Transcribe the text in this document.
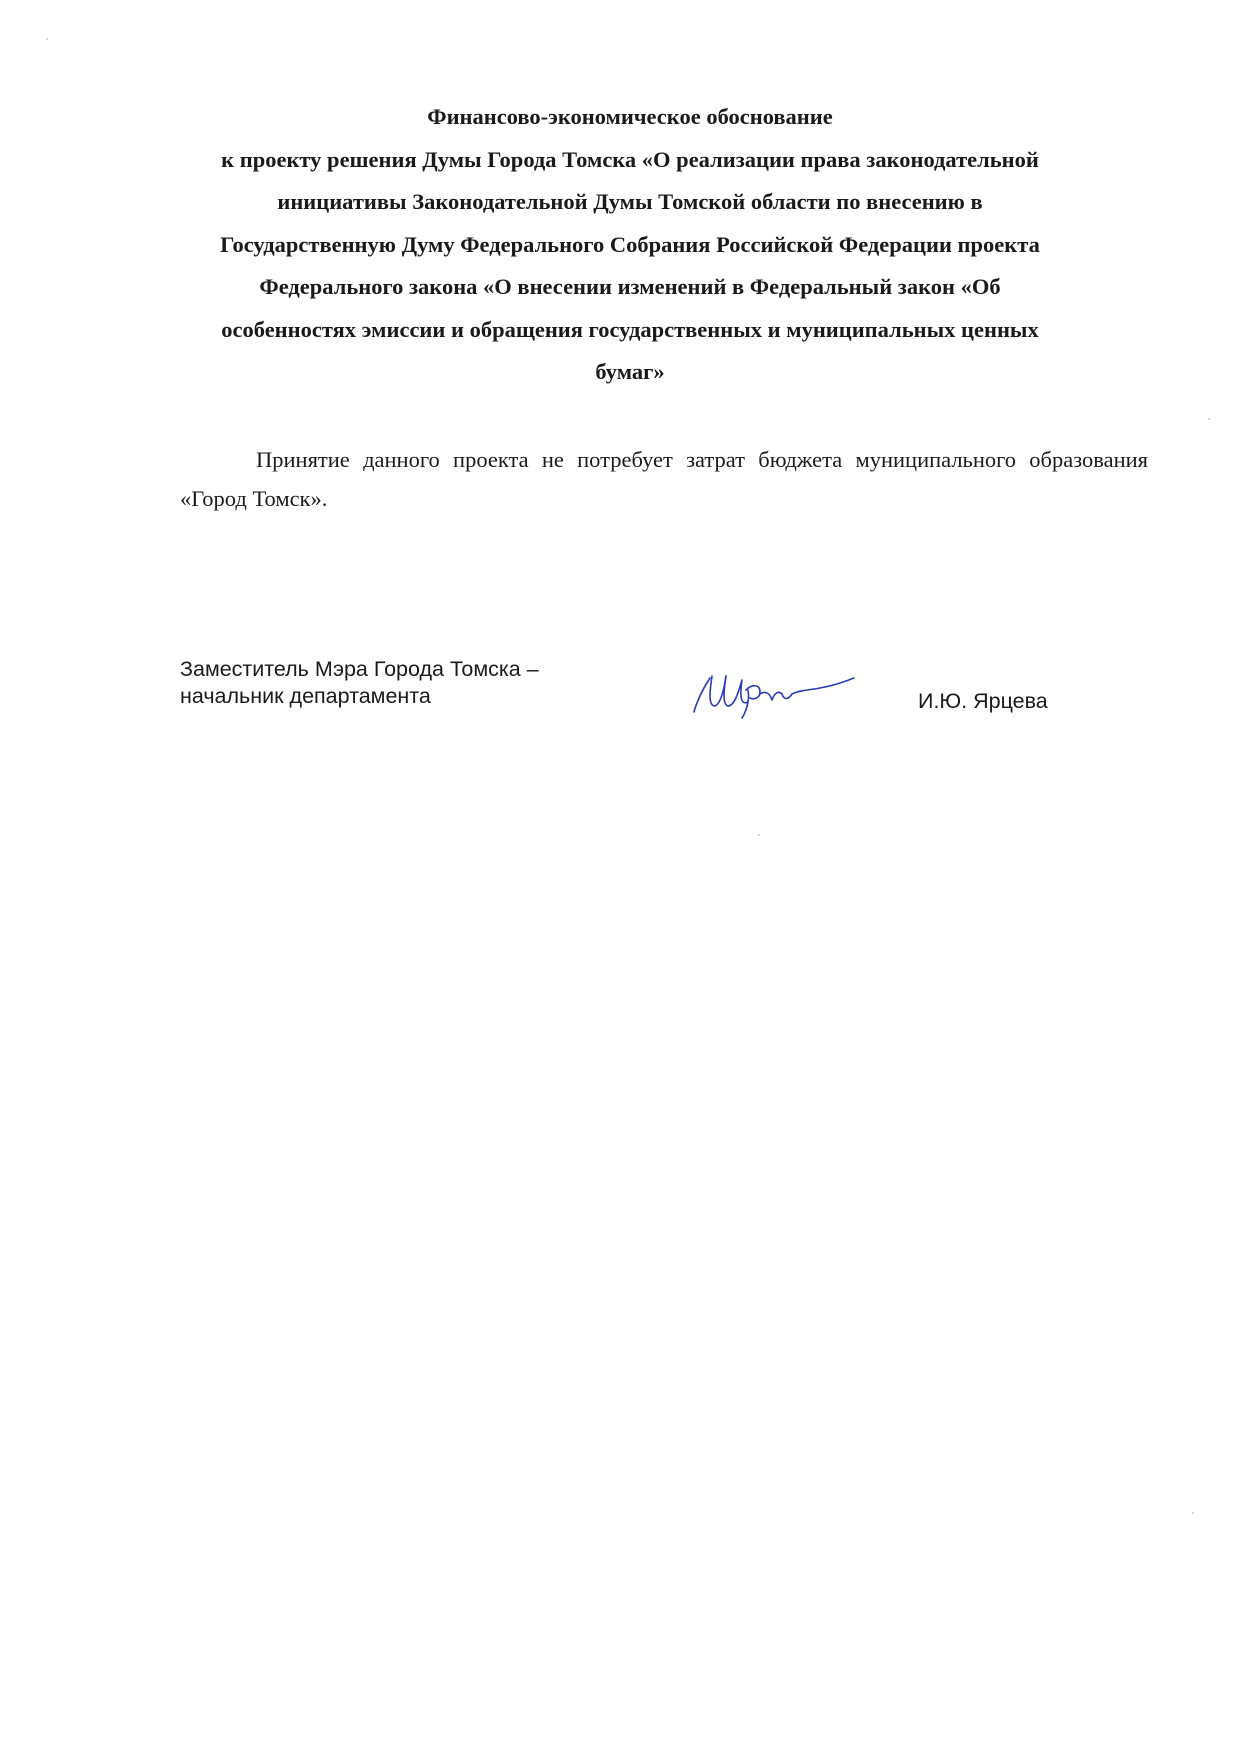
Финансово-экономическое обоснование
к проекту решения Думы Города Томска «О реализации права законодательной
инициативы Законодательной Думы Томской области по внесению в
Государственную Думу Федерального Собрания Российской Федерации проекта
Федерального закона «О внесении изменений в Федеральный закон «Об
особенностях эмиссии и обращения государственных и муниципальных ценных
бумаг»

Принятие данного проекта не потребует затрат бюджета муниципального образования «Город Томск».

Заместитель Мэра Города Томска –
начальник департамента	И.Ю. Ярцева
